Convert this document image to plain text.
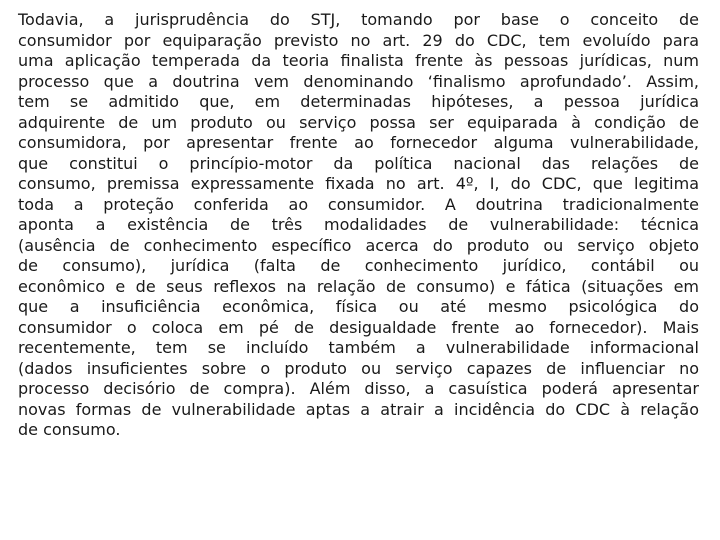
Todavia, a jurisprudência do STJ, tomando por base o conceito de
consumidor por equiparação previsto no art. 29 do CDC, tem evoluído para
uma aplicação temperada da teoria finalista frente às pessoas jurídicas, num
processo que a doutrina vem denominando ‘finalismo aprofundado’. Assim,
tem se admitido que, em determinadas hipóteses, a pessoa jurídica
adquirente de um produto ou serviço possa ser equiparada à condição de
consumidora, por apresentar frente ao fornecedor alguma vulnerabilidade,
que constitui o princípio-motor da política nacional das relações de
consumo, premissa expressamente fixada no art. 4º, I, do CDC, que legitima
toda a proteção conferida ao consumidor. A doutrina tradicionalmente
aponta a existência de três modalidades de vulnerabilidade: técnica
(ausência de conhecimento específico acerca do produto ou serviço objeto
de consumo), jurídica (falta de conhecimento jurídico, contábil ou
econômico e de seus reflexos na relação de consumo) e fática (situações em
que a insuficiência econômica, física ou até mesmo psicológica do
consumidor o coloca em pé de desigualdade frente ao fornecedor). Mais
recentemente, tem se incluído também a vulnerabilidade informacional
(dados insuficientes sobre o produto ou serviço capazes de influenciar no
processo decisório de compra). Além disso, a casuística poderá apresentar
novas formas de vulnerabilidade aptas a atrair a incidência do CDC à relação
de consumo.
